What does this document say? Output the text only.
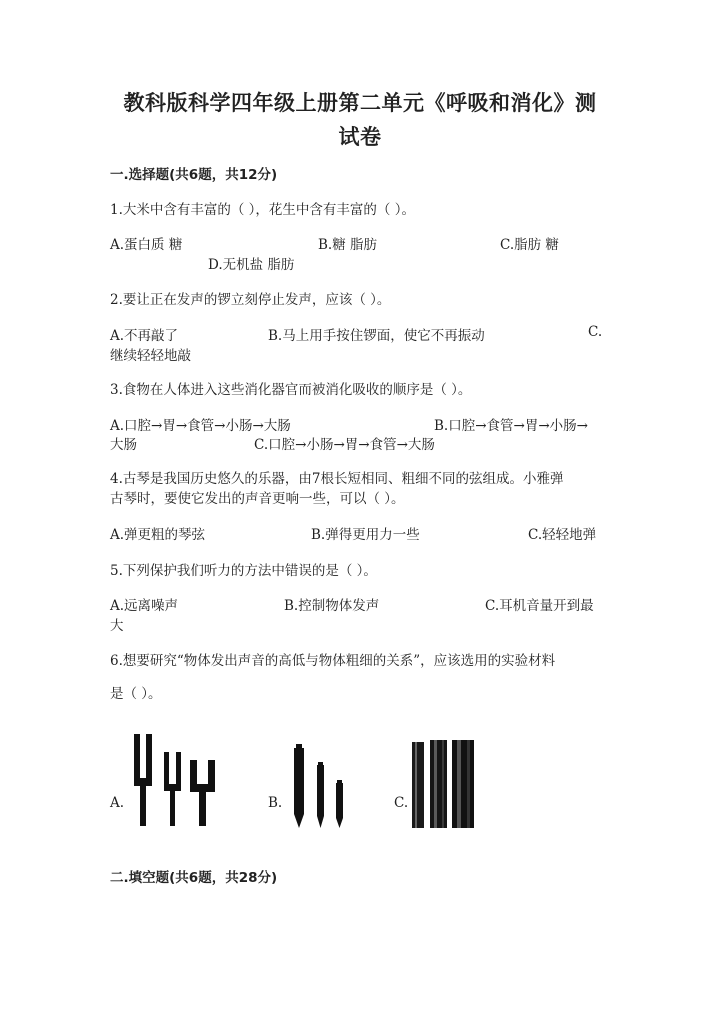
教科版科学四年级上册第二单元《呼吸和消化》测
试卷
一.选择题(共6题，共12分)
1.大米中含有丰富的（ ），花生中含有丰富的（ ）。
A.蛋白质 糖	B.糖 脂肪	C.脂肪 糖
D.无机盐 脂肪
2.要让正在发声的锣立刻停止发声，应该（ ）。
A.不再敲了	B.马上用手按住锣面，使它不再振动	C.
继续轻轻地敲
3.食物在人体进入这些消化器官而被消化吸收的顺序是（ ）。
A.口腔→胃→食管→小肠→大肠	B.口腔→食管→胃→小肠→
大肠	C.口腔→小肠→胃→食管→大肠
4.古琴是我国历史悠久的乐器，由7根长短相同、粗细不同的弦组成。小雅弹
古琴时，要使它发出的声音更响一些，可以（ ）。
A.弹更粗的琴弦	B.弹得更用力一些	C.轻轻地弹
5.下列保护我们听力的方法中错误的是（ ）。
A.远离噪声	B.控制物体发声	C.耳机音量开到最
大
6.想要研究“物体发出声音的高低与物体粗细的关系”，应该选用的实验材料
是（ ）。
A.	B.	C.
二.填空题(共6题，共28分)
